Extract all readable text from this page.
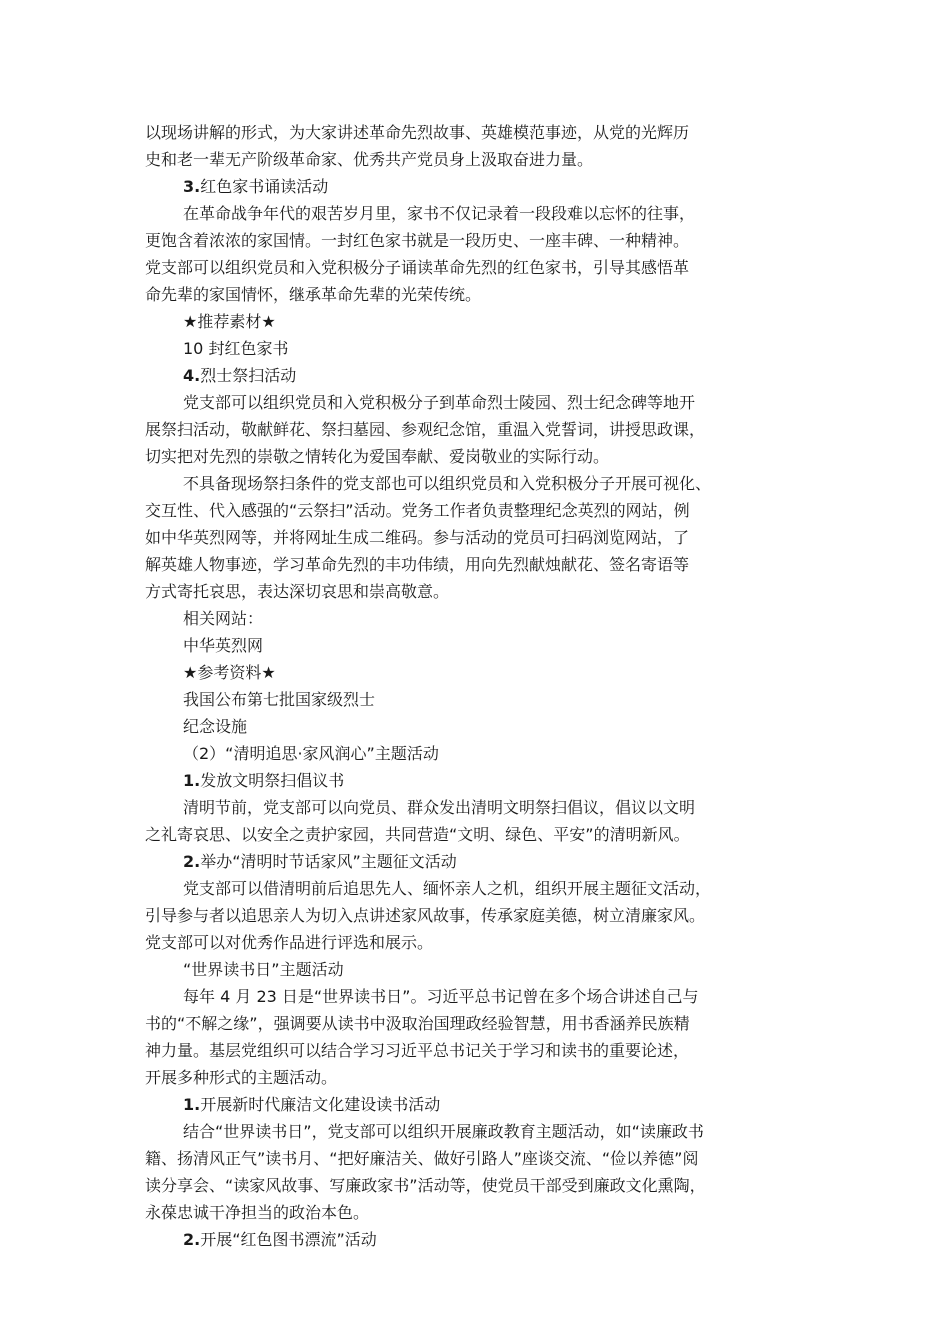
以现场讲解的形式，为大家讲述革命先烈故事、英雄模范事迹，从党的光辉历
史和老一辈无产阶级革命家、优秀共产党员身上汲取奋进力量。
3.红色家书诵读活动
在革命战争年代的艰苦岁月里，家书不仅记录着一段段难以忘怀的往事，
更饱含着浓浓的家国情。一封红色家书就是一段历史、一座丰碑、一种精神。
党支部可以组织党员和入党积极分子诵读革命先烈的红色家书，引导其感悟革
命先辈的家国情怀，继承革命先辈的光荣传统。
★推荐素材★
10 封红色家书
4.烈士祭扫活动
党支部可以组织党员和入党积极分子到革命烈士陵园、烈士纪念碑等地开
展祭扫活动，敬献鲜花、祭扫墓园、参观纪念馆，重温入党誓词，讲授思政课，
切实把对先烈的崇敬之情转化为爱国奉献、爱岗敬业的实际行动。
不具备现场祭扫条件的党支部也可以组织党员和入党积极分子开展可视化、
交互性、代入感强的“云祭扫”活动。党务工作者负责整理纪念英烈的网站，例
如中华英烈网等，并将网址生成二维码。参与活动的党员可扫码浏览网站，了
解英雄人物事迹，学习革命先烈的丰功伟绩，用向先烈献烛献花、签名寄语等
方式寄托哀思，表达深切哀思和崇高敬意。
相关网站：
中华英烈网
★参考资料★
我国公布第七批国家级烈士
纪念设施
（2）“清明追思·家风润心”主题活动
1.发放文明祭扫倡议书
清明节前，党支部可以向党员、群众发出清明文明祭扫倡议，倡议以文明
之礼寄哀思、以安全之责护家园，共同营造“文明、绿色、平安”的清明新风。
2.举办“清明时节话家风”主题征文活动
党支部可以借清明前后追思先人、缅怀亲人之机，组织开展主题征文活动，
引导参与者以追思亲人为切入点讲述家风故事，传承家庭美德，树立清廉家风。
党支部可以对优秀作品进行评选和展示。
“世界读书日”主题活动
每年 4 月 23 日是“世界读书日”。习近平总书记曾在多个场合讲述自己与
书的“不解之缘”，强调要从读书中汲取治国理政经验智慧，用书香涵养民族精
神力量。基层党组织可以结合学习习近平总书记关于学习和读书的重要论述，
开展多种形式的主题活动。
1.开展新时代廉洁文化建设读书活动
结合“世界读书日”，党支部可以组织开展廉政教育主题活动，如“读廉政书
籍、扬清风正气”读书月、“把好廉洁关、做好引路人”座谈交流、“俭以养德”阅
读分享会、“读家风故事、写廉政家书”活动等，使党员干部受到廉政文化熏陶，
永葆忠诚干净担当的政治本色。
2.开展“红色图书漂流”活动
